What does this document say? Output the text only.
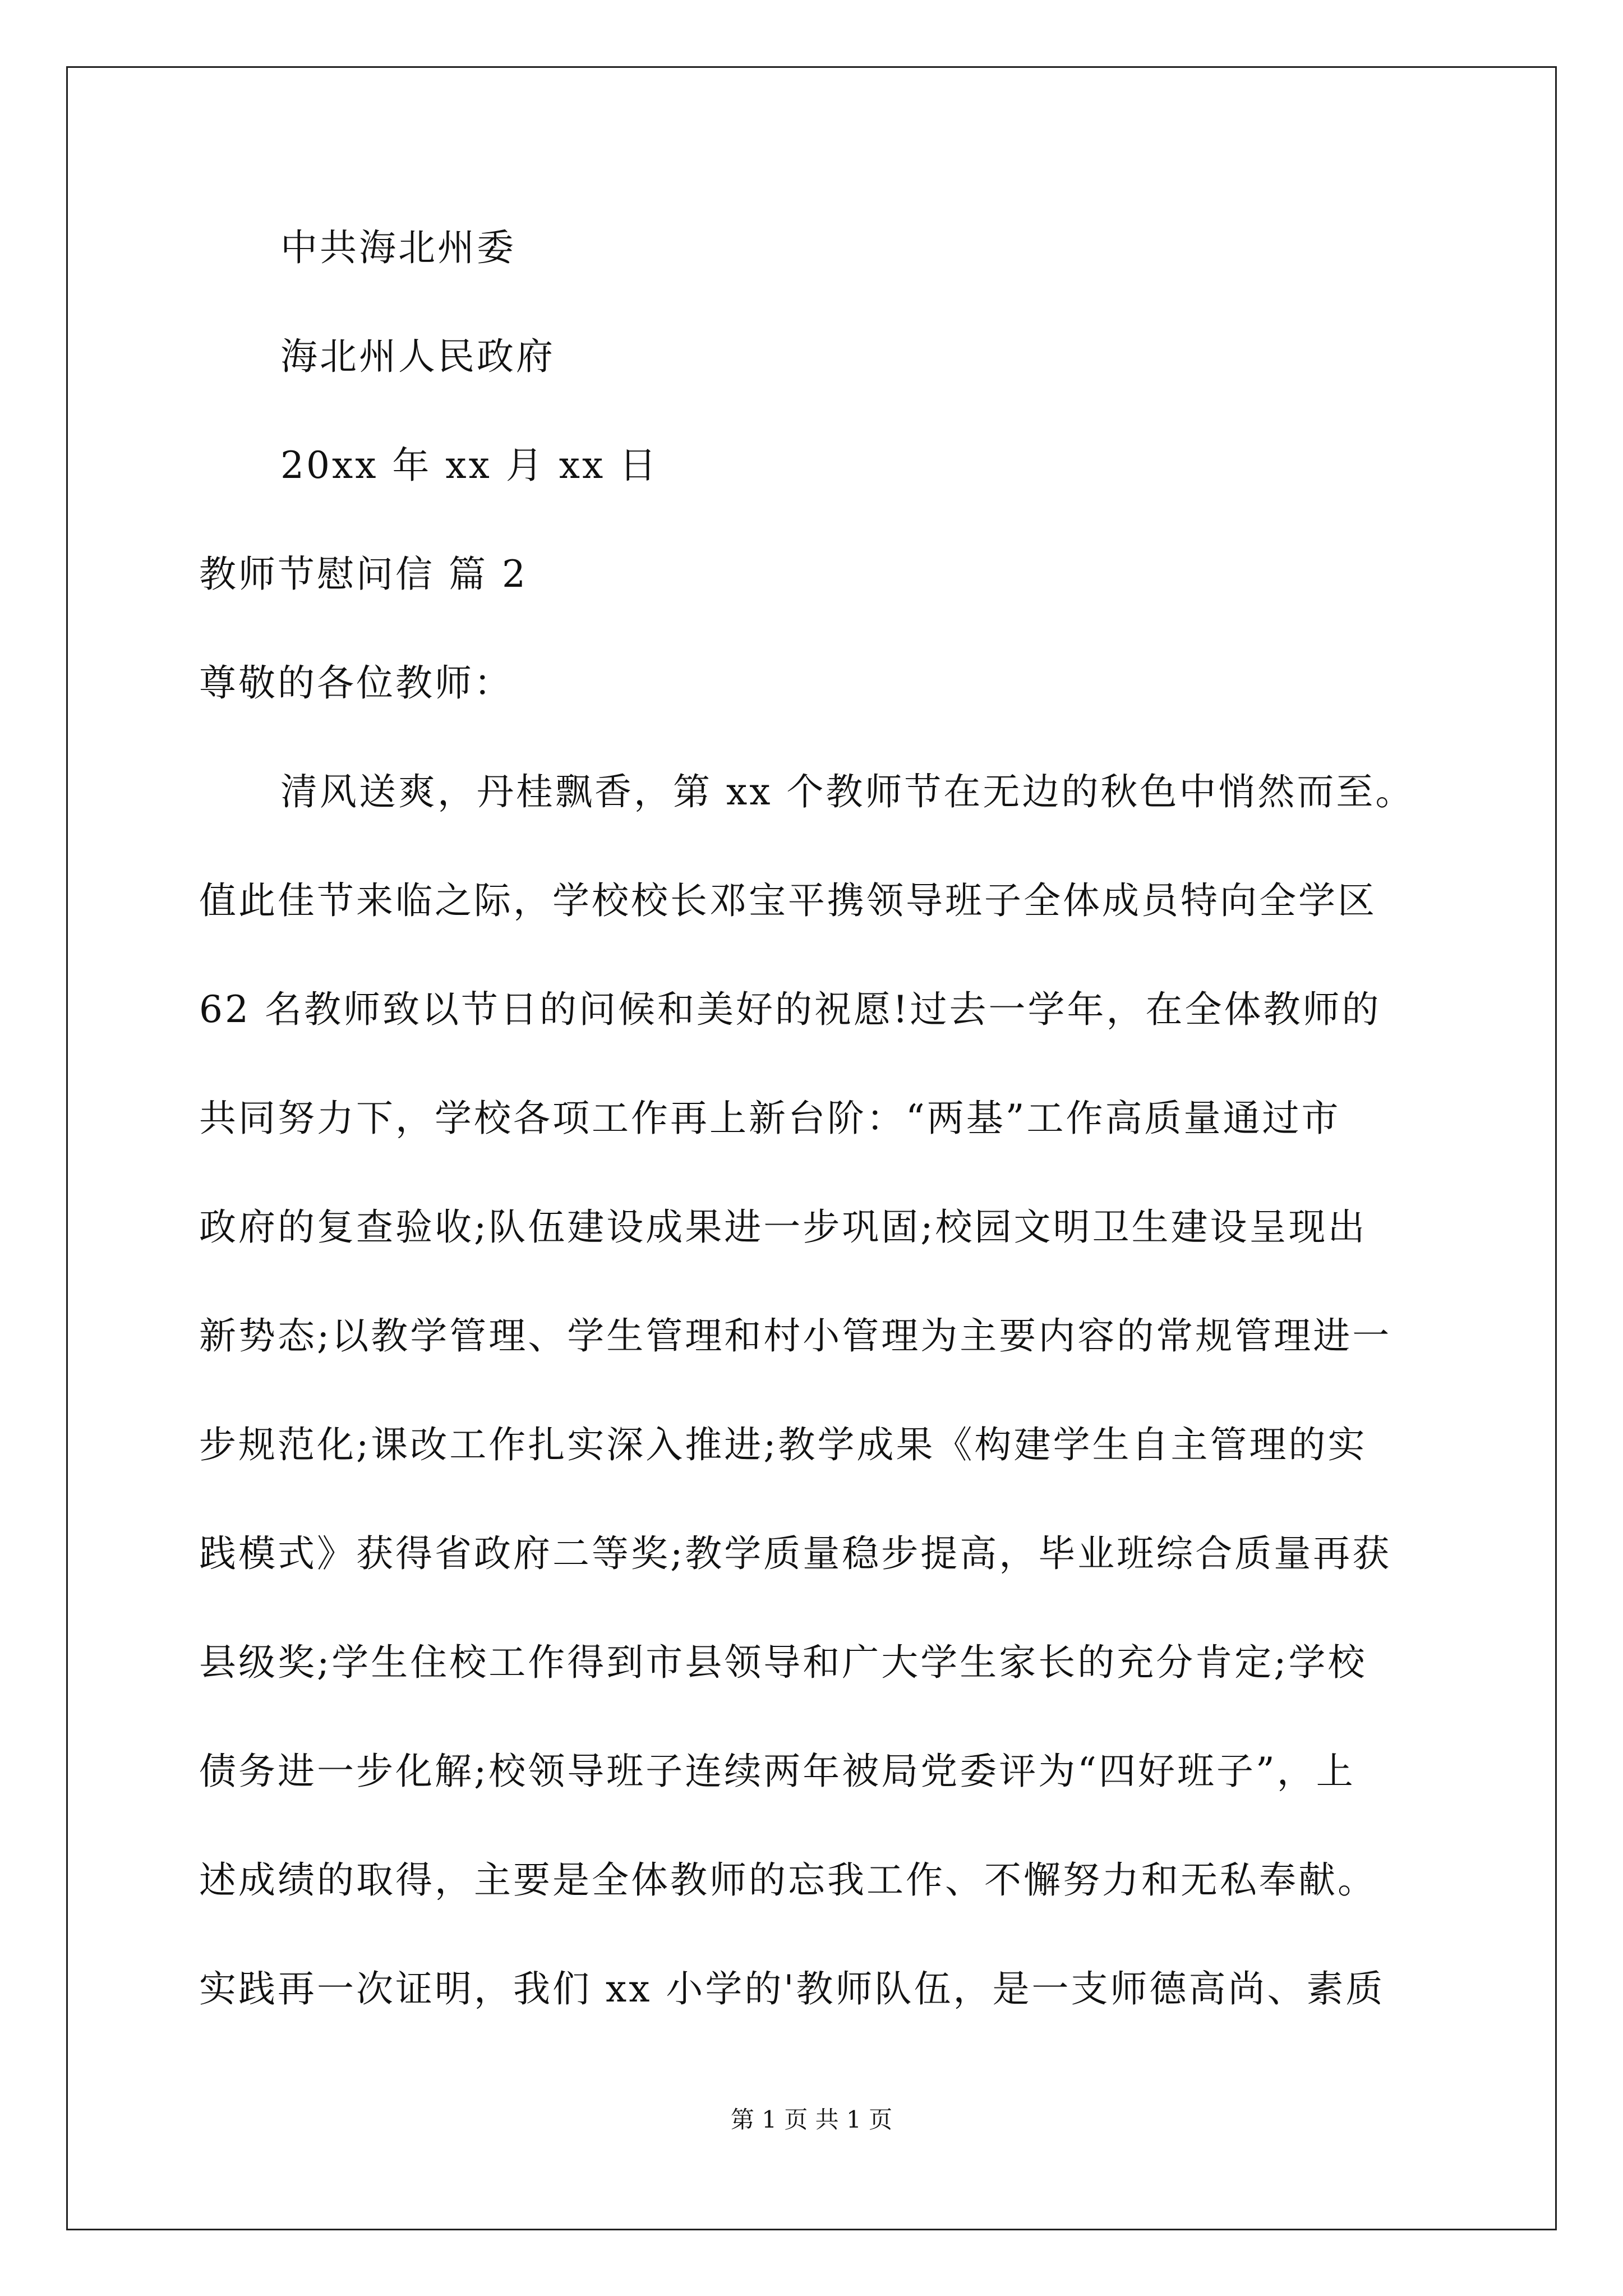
中共海北州委
海北州人民政府
20xx 年 xx 月 xx 日
教师节慰问信 篇 2
尊敬的各位教师：
清风送爽，丹桂飘香，第 xx 个教师节在无边的秋色中悄然而至。
值此佳节来临之际，学校校长邓宝平携领导班子全体成员特向全学区
62 名教师致以节日的问候和美好的祝愿!过去一学年，在全体教师的
共同努力下，学校各项工作再上新台阶：“两基”工作高质量通过市
政府的复查验收;队伍建设成果进一步巩固;校园文明卫生建设呈现出
新势态;以教学管理、学生管理和村小管理为主要内容的常规管理进一
步规范化;课改工作扎实深入推进;教学成果《构建学生自主管理的实
践模式》获得省政府二等奖;教学质量稳步提高，毕业班综合质量再获
县级奖;学生住校工作得到市县领导和广大学生家长的充分肯定;学校
债务进一步化解;校领导班子连续两年被局党委评为“四好班子”，上
述成绩的取得，主要是全体教师的忘我工作、不懈努力和无私奉献。
实践再一次证明，我们 xx 小学的'教师队伍，是一支师德高尚、素质
第 1 页 共 1 页
